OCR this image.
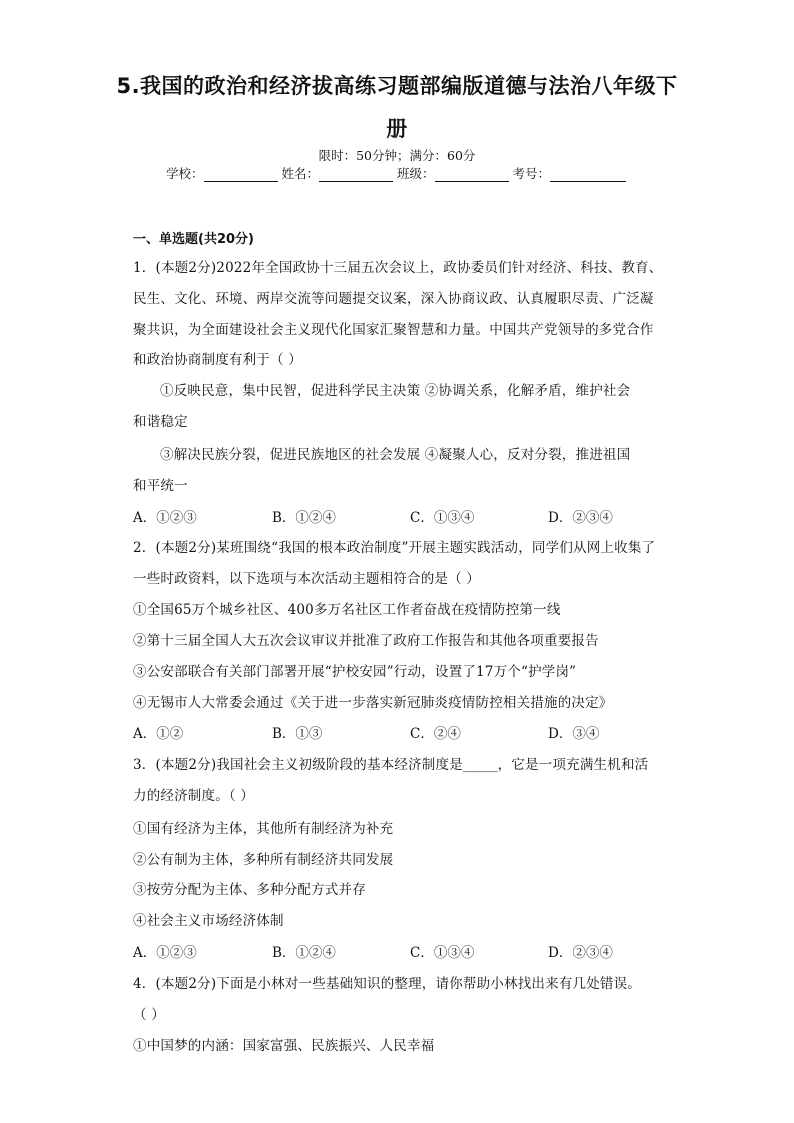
5.我国的政治和经济拔高练习题部编版道德与法治八年级下
册
限时：50分钟；满分：60分
学校：	姓名：	班级：	考号：
一、单选题(共20分)
1．(本题2分)2022年全国政协十三届五次会议上，政协委员们针对经济、科技、教育、
民生、文化、环境、两岸交流等问题提交议案，深入协商议政、认真履职尽责、广泛凝
聚共识，为全面建设社会主义现代化国家汇聚智慧和力量。中国共产党领导的多党合作
和政治协商制度有利于（ ）
①反映民意，集中民智，促进科学民主决策 ②协调关系，化解矛盾，维护社会
和谐稳定
③解决民族分裂，促进民族地区的社会发展 ④凝聚人心，反对分裂，推进祖国
和平统一
A．①②③	B．①②④	C．①③④	D．②③④
2．(本题2分)某班围绕“我国的根本政治制度”开展主题实践活动，同学们从网上收集了
一些时政资料，以下选项与本次活动主题相符合的是（ ）
①全国65万个城乡社区、400多万名社区工作者奋战在疫情防控第一线
②第十三届全国人大五次会议审议并批准了政府工作报告和其他各项重要报告
③公安部联合有关部门部署开展“护校安园”行动，设置了17万个“护学岗”
④无锡市人大常委会通过《关于进一步落实新冠肺炎疫情防控相关措施的决定》
A．①②	B．①③	C．②④	D．③④
3．(本题2分)我国社会主义初级阶段的基本经济制度是_____，它是一项充满生机和活
力的经济制度。（ ）
①国有经济为主体，其他所有制经济为补充
②公有制为主体，多种所有制经济共同发展
③按劳分配为主体、多种分配方式并存
④社会主义市场经济体制
A．①②③	B．①②④	C．①③④	D．②③④
4．(本题2分)下面是小林对一些基础知识的整理，请你帮助小林找出来有几处错误。
（ ）
①中国梦的内涵：国家富强、民族振兴、人民幸福
